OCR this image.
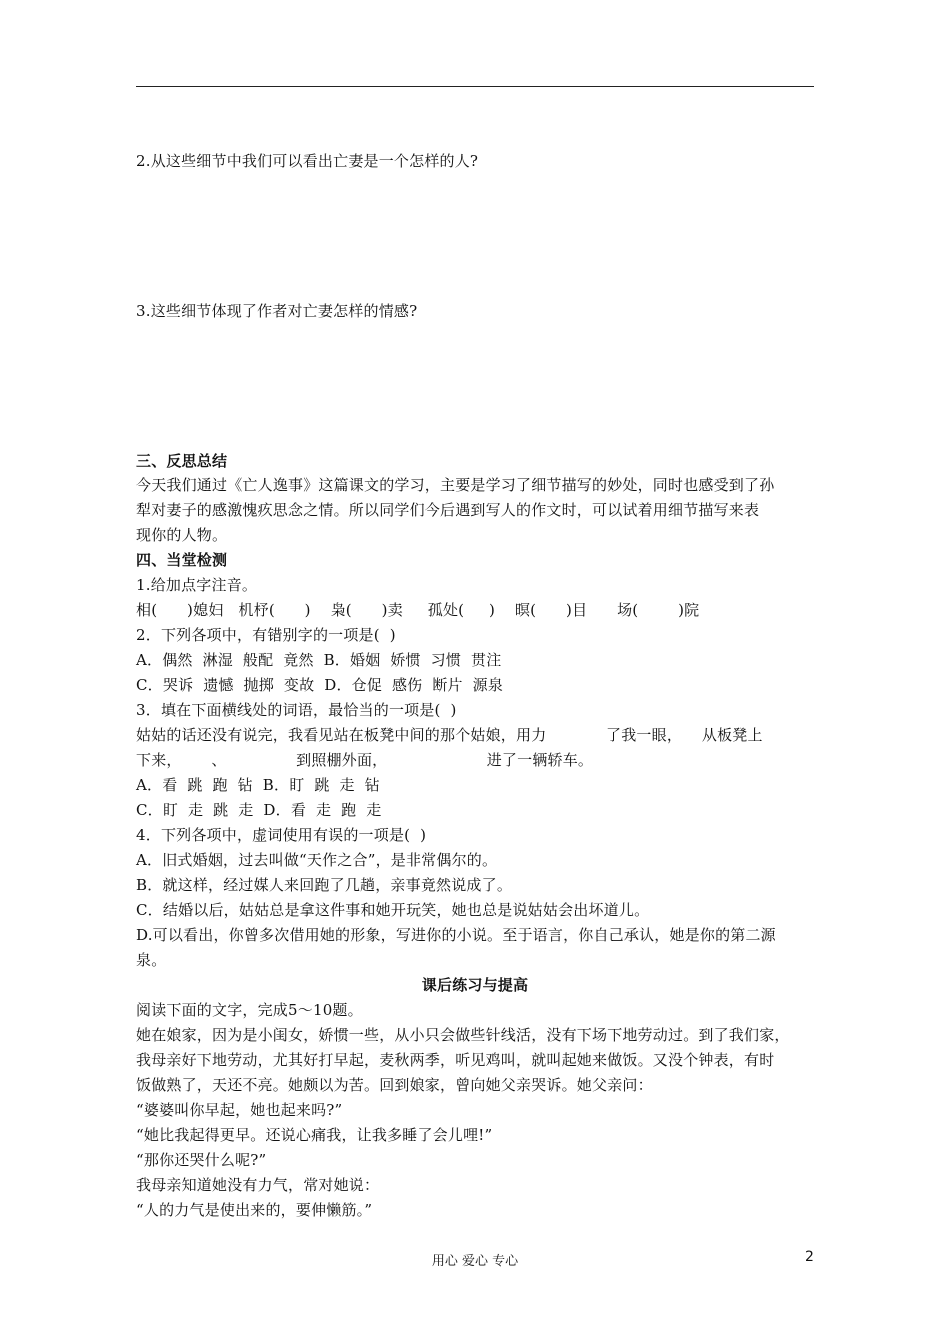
2.从这些细节中我们可以看出亡妻是一个怎样的人?
3.这些细节体现了作者对亡妻怎样的情感?
三、反思总结
今天我们通过《亡人逸事》这篇课文的学习，主要是学习了细节描写的妙处，同时也感受到了孙
犁对妻子的感激愧疚思念之情。所以同学们今后遇到写人的作文时，可以试着用细节描写来表
现你的人物。
四、当堂检测
1.给加点字注音。
相(      )媳妇   机杼(      )    枭(      )卖     孤处(     )    暝(      )目      场(        )院
2．下列各项中，有错别字的一项是(  )
A．偶然  淋湿  般配  竟然  B．婚姻  娇惯  习惯  贯注
C．哭诉  遗憾  抛掷  变故  D．仓促  感伤  断片  源泉
3．填在下面横线处的词语，最恰当的一项是(  )
姑姑的话还没有说完，我看见站在板凳中间的那个姑娘，用力            了我一眼，    从板凳上
下来，      、              到照棚外面，                    进了一辆轿车。
A．看  跳  跑  钻  B．盯  跳  走  钻
C．盯  走  跳  走  D．看  走  跑  走
4．下列各项中，虚词使用有误的一项是(  )
A．旧式婚姻，过去叫做“天作之合”，是非常偶尔的。
B．就这样，经过媒人来回跑了几趟，亲事竟然说成了。
C．结婚以后，姑姑总是拿这件事和她开玩笑，她也总是说姑姑会出坏道儿。
D.可以看出，你曾多次借用她的形象，写进你的小说。至于语言，你自己承认，她是你的第二源
泉。
课后练习与提高
阅读下面的文字，完成5～10题。
她在娘家，因为是小闺女，娇惯一些，从小只会做些针线活，没有下场下地劳动过。到了我们家，
我母亲好下地劳动，尤其好打早起，麦秋两季，听见鸡叫，就叫起她来做饭。又没个钟表，有时
饭做熟了，天还不亮。她颇以为苦。回到娘家，曾向她父亲哭诉。她父亲问：
“婆婆叫你早起，她也起来吗?”
“她比我起得更早。还说心痛我，让我多睡了会儿哩!”
“那你还哭什么呢?”
我母亲知道她没有力气，常对她说：
“人的力气是使出来的，要伸懒筋。”
用心 爱心 专心	2
